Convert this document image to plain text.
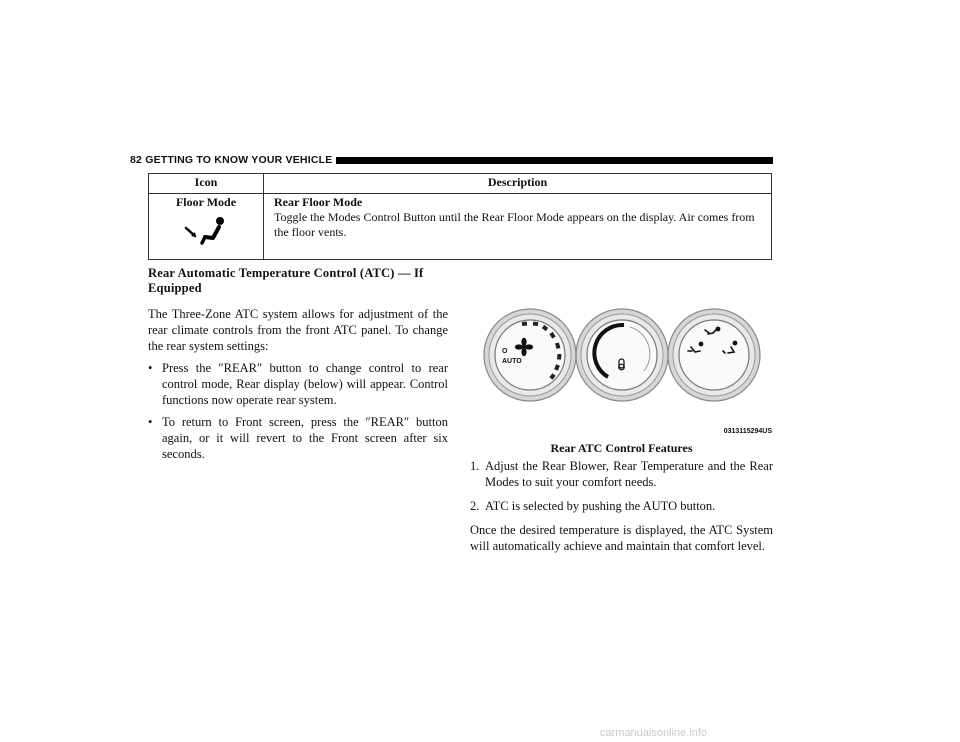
82 GETTING TO KNOW YOUR VEHICLE
Icon	Description
Floor Mode	Rear Floor Mode
Toggle the Modes Control Button until the Rear Floor Mode appears on the display. Air comes from the floor vents.
Rear Automatic Temperature Control (ATC) — If Equipped

The Three-Zone ATC system allows for adjustment of the rear climate controls from the front ATC panel. To change the rear system settings:

• Press the ″REAR″ button to change control to rear control mode, Rear display (below) will appear. Control functions now operate rear system.
• To return to Front screen, press the ″REAR″ button again, or it will revert to the Front screen after six seconds.
O
AUTO
0313115294US
Rear ATC Control Features
1. Adjust the Rear Blower, Rear Temperature and the Rear Modes to suit your comfort needs.
2. ATC is selected by pushing the AUTO button.

Once the desired temperature is displayed, the ATC System will automatically achieve and maintain that comfort level.

carmanualsonline.info
